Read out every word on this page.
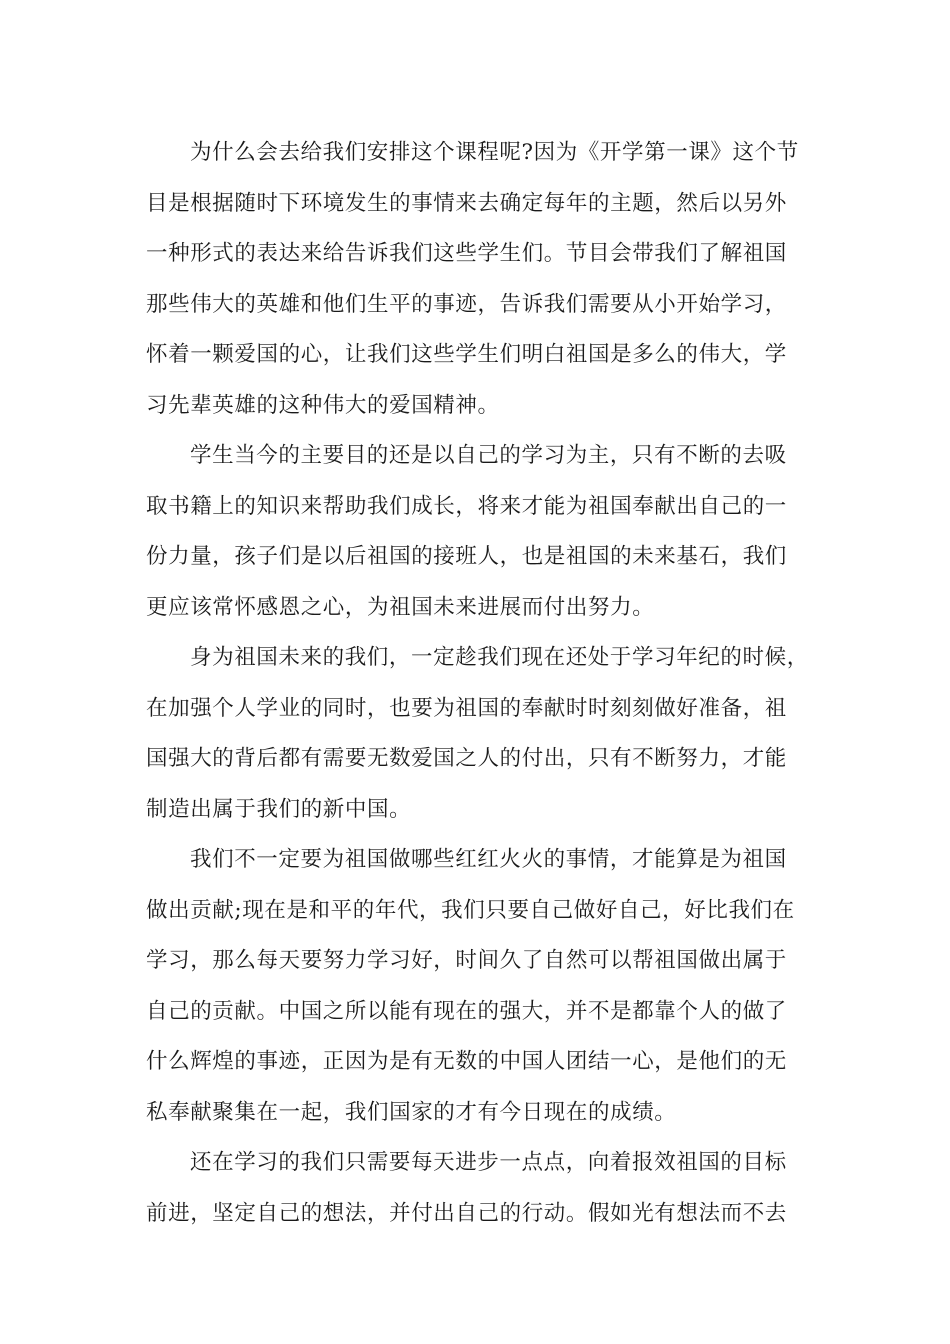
为什么会去给我们安排这个课程呢?因为《开学第一课》这个节
目是根据随时下环境发生的事情来去确定每年的主题，然后以另外
一种形式的表达来给告诉我们这些学生们。节目会带我们了解祖国
那些伟大的英雄和他们生平的事迹，告诉我们需要从小开始学习，
怀着一颗爱国的心，让我们这些学生们明白祖国是多么的伟大，学
习先辈英雄的这种伟大的爱国精神。
学生当今的主要目的还是以自己的学习为主，只有不断的去吸
取书籍上的知识来帮助我们成长，将来才能为祖国奉献出自己的一
份力量，孩子们是以后祖国的接班人，也是祖国的未来基石，我们
更应该常怀感恩之心，为祖国未来进展而付出努力。
身为祖国未来的我们，一定趁我们现在还处于学习年纪的时候，
在加强个人学业的同时，也要为祖国的奉献时时刻刻做好准备，祖
国强大的背后都有需要无数爱国之人的付出，只有不断努力，才能
制造出属于我们的新中国。
我们不一定要为祖国做哪些红红火火的事情，才能算是为祖国
做出贡献;现在是和平的年代，我们只要自己做好自己，好比我们在
学习，那么每天要努力学习好，时间久了自然可以帮祖国做出属于
自己的贡献。中国之所以能有现在的强大，并不是都靠个人的做了
什么辉煌的事迹，正因为是有无数的中国人团结一心，是他们的无
私奉献聚集在一起，我们国家的才有今日现在的成绩。
还在学习的我们只需要每天进步一点点，向着报效祖国的目标
前进，坚定自己的想法，并付出自己的行动。假如光有想法而不去
